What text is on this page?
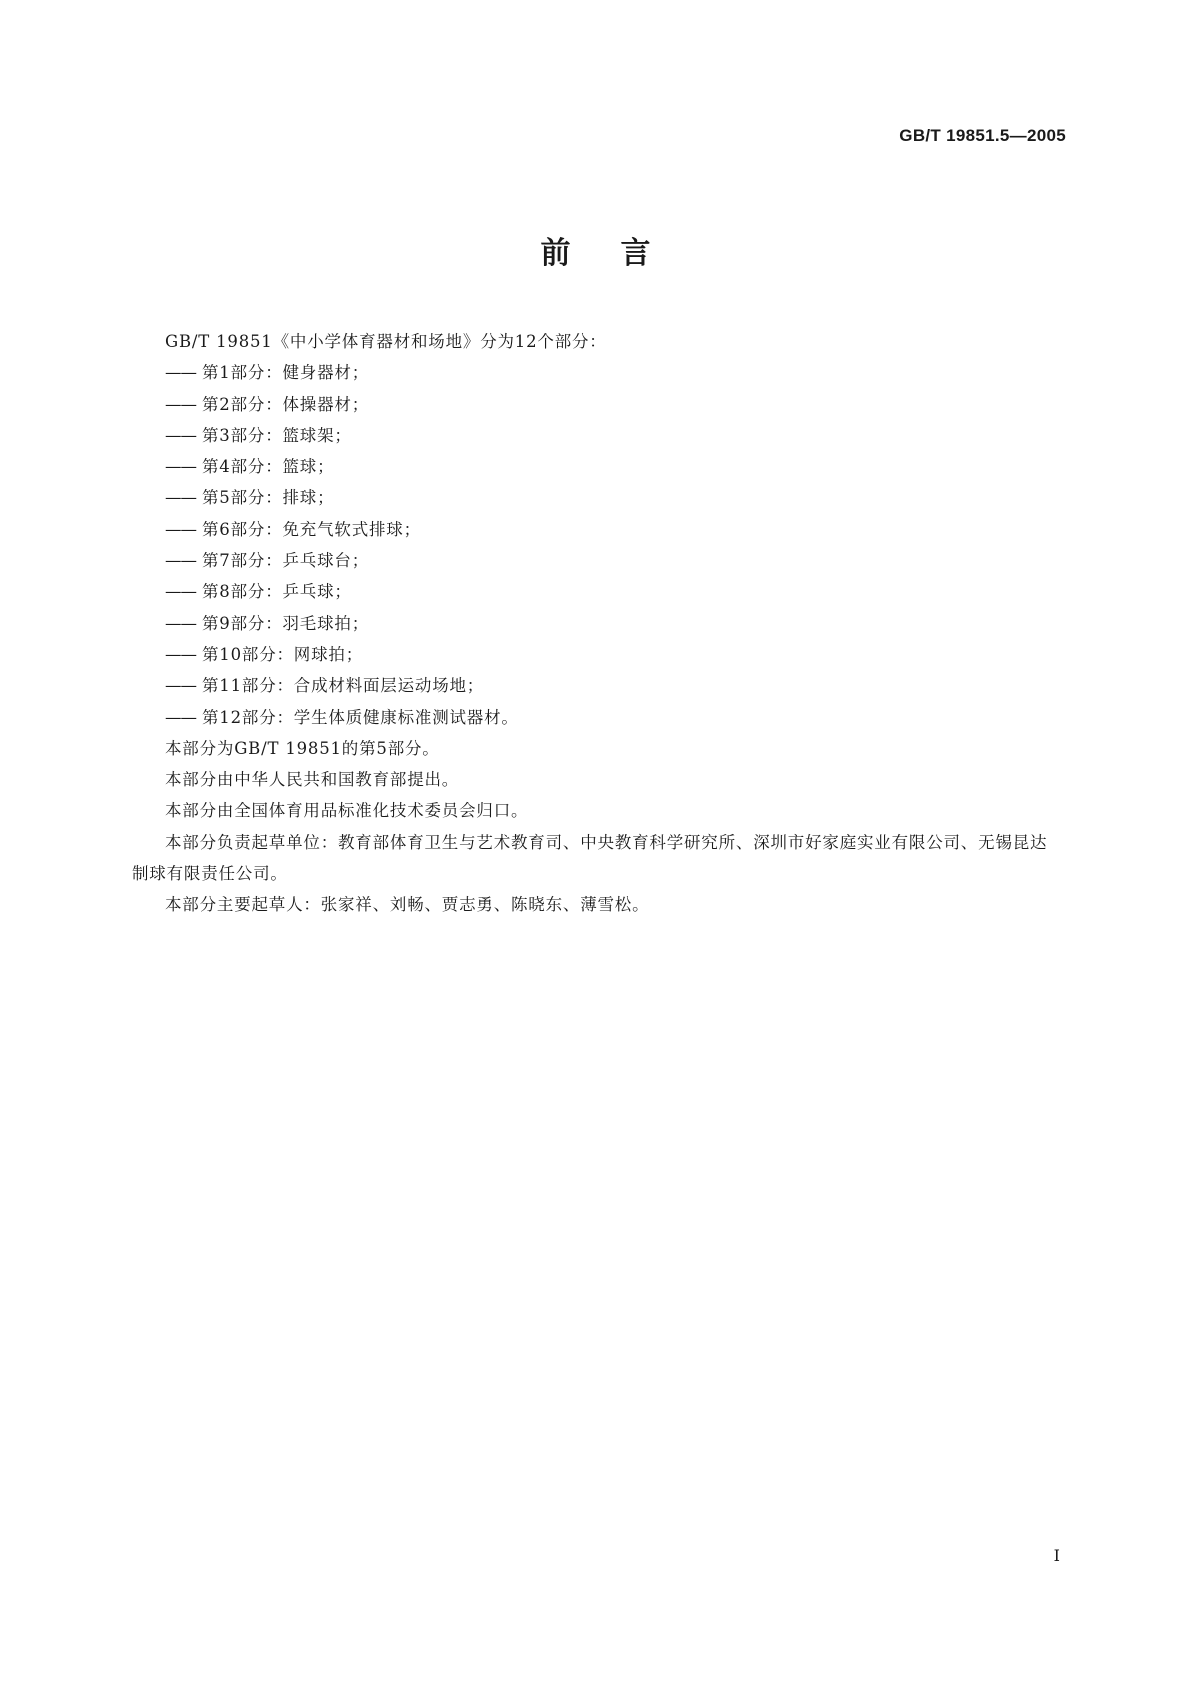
GB/T 19851.5—2005
前言

GB/T 19851《中小学体育器材和场地》分为12个部分：

—— 第1部分：健身器材；

—— 第2部分：体操器材；

—— 第3部分：篮球架；

—— 第4部分：篮球；

—— 第5部分：排球；

—— 第6部分：免充气软式排球；

—— 第7部分：乒乓球台；

—— 第8部分：乒乓球；

—— 第9部分：羽毛球拍；

—— 第10部分：网球拍；

—— 第11部分：合成材料面层运动场地；

—— 第12部分：学生体质健康标准测试器材。

本部分为GB/T 19851的第5部分。

本部分由中华人民共和国教育部提出。

本部分由全国体育用品标准化技术委员会归口。

本部分负责起草单位：教育部体育卫生与艺术教育司、中央教育科学研究所、深圳市好家庭实业有限公司、无锡昆达制球有限责任公司。

本部分主要起草人：张家祥、刘畅、贾志勇、陈晓东、薄雪松。

I
